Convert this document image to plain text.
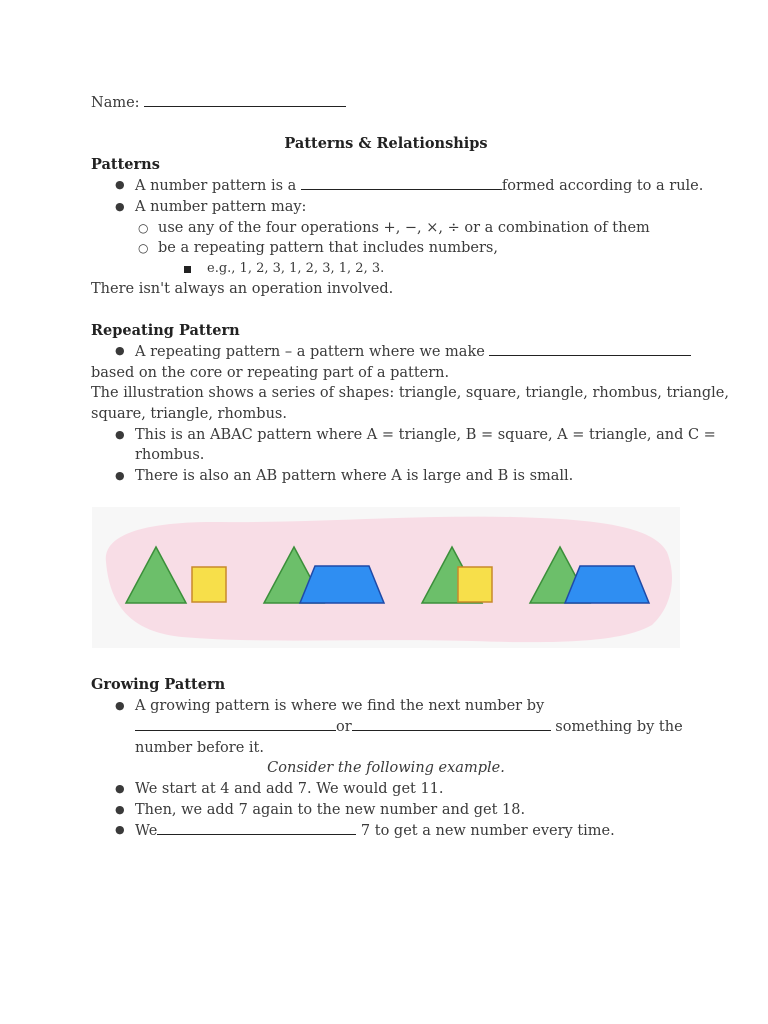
Name:
Patterns & Relationships
Patterns
● A number pattern is a	formed according to a rule.
● A number pattern may:
○ use any of the four operations +, −, ×, ÷ or a combination of them
○ be a repeating pattern that includes numbers,
e.g., 1, 2, 3, 1, 2, 3, 1, 2, 3.
There isn't always an operation involved.
Repeating Pattern
● A repeating pattern – a pattern where we make
based on the core or repeating part of a pattern.
The illustration shows a series of shapes: triangle, square, triangle, rhombus, triangle,
square, triangle, rhombus.
● This is an ABAC pattern where A = triangle, B = square, A = triangle, and C =
rhombus.
● There is also an AB pattern where A is large and B is small.
Growing Pattern
● A growing pattern is where we find the next number by
or	something by the
number before it.
Consider the following example.
● We start at 4 and add 7. We would get 11.
● Then, we add 7 again to the new number and get 18.
● We	7 to get a new number every time.
